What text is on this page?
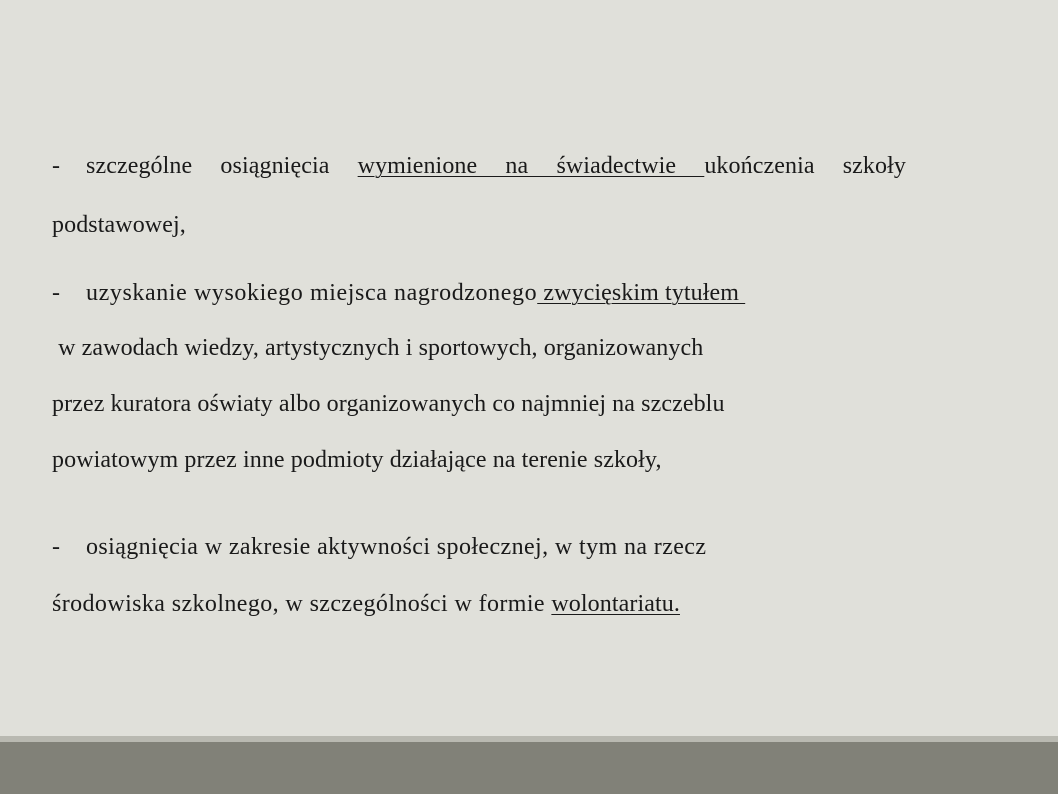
- szczególne osiągnięcia wymienione na świadectwie ukończenia szkoły
podstawowej,
- uzyskanie wysokiego miejsca nagrodzonego zwycięskim tytułem
w zawodach wiedzy, artystycznych i sportowych, organizowanych
przez kuratora oświaty albo organizowanych co najmniej na szczeblu
powiatowym przez inne podmioty działające na terenie szkoły,
- osiągnięcia w zakresie aktywności społecznej, w tym na rzecz
środowiska szkolnego, w szczególności w formie wolontariatu.
